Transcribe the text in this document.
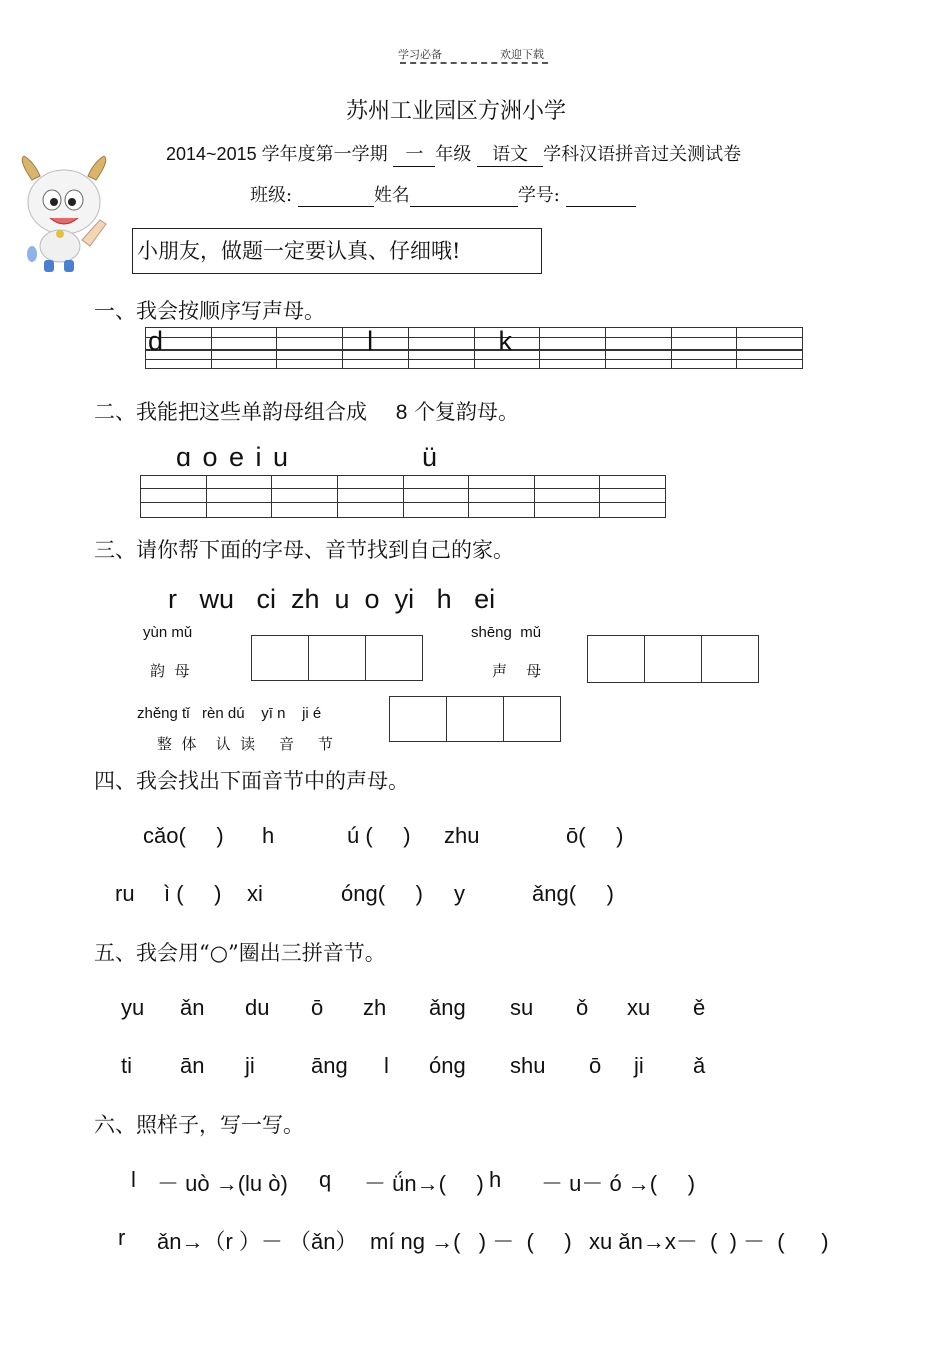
学习必备	欢迎下载
苏州工业园区方洲小学
2014~2015 学年度第一学期 一 年级 语文 学科汉语拼音过关测试卷
班级:	姓名	学号:
小朋友，做题一定要认真、仔细哦!
一、我会按顺序写声母。
d	l	k
二、我能把这些单韵母组合成 8 个复韵母。
ɑ o e i u	ü
三、请你帮下面的字母、音节找到自己的家。
r   wu   ci  zh  u  o  yi   h   ei
yùn mǔ
韵  母
shēng  mǔ
声    母
zhěng tǐ   rèn dú    yī n    ji é
整  体    认  读     音     节
四、我会找出下面音节中的声母。
cǎo(     ) h	ú (     ) zhu	ō(     )
ru ì (     ) xi	óng(     ) y	ǎng(     )
五、我会用“○”圈出三拼音节。
yu ǎn du ō zh ǎng su ǒ xu ě
ti ān ji	āng l óng shu ō ji ǎ
六、照样子，写一写。
l － uò →(lu ò) q － ǘn→(     ) h － u－ ó →(     )
r ǎn→（r ）－ （ǎn） mí ng →(   ) －  (     ) xu ǎn→x－  (  ) －  (      )
